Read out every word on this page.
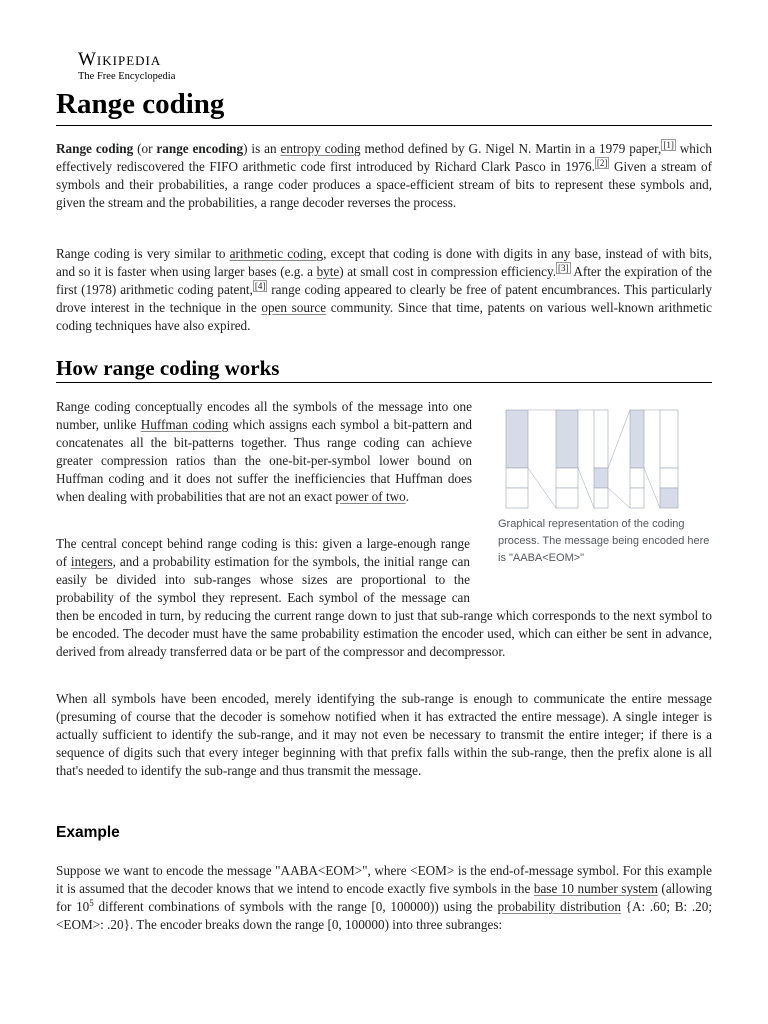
Wikipedia
The Free Encyclopedia
Range coding

Range coding (or range encoding) is an entropy coding method defined by G. Nigel N. Martin in a 1979 paper, [1] which effectively rediscovered the FIFO arithmetic code first introduced by Richard Clark Pasco in 1976. [2] Given a stream of symbols and their probabilities, a range coder produces a space-efficient stream of bits to represent these symbols and, given the stream and the probabilities, a range decoder reverses the process.

Range coding is very similar to arithmetic coding, except that coding is done with digits in any base, instead of with bits, and so it is faster when using larger bases (e.g. a byte) at small cost in compression efficiency. [3] After the expiration of the first (1978) arithmetic coding patent, [4] range coding appeared to clearly be free of patent encumbrances. This particularly drove interest in the technique in the open source community. Since that time, patents on various well-known arithmetic coding techniques have also expired.

How range coding works

Range coding conceptually encodes all the symbols of the message into one number, unlike Huffman coding which assigns each symbol a bit-pattern and concatenates all the bit-patterns together. Thus range coding can achieve greater compression ratios than the one-bit-per-symbol lower bound on Huffman coding and it does not suffer the inefficiencies that Huffman does when dealing with probabilities that are not an exact power of two.

Graphical representation of the coding process. The message being encoded here is "AABA<EOM>"

The central concept behind range coding is this: given a large-enough range of integers, and a probability estimation for the symbols, the initial range can easily be divided into sub-ranges whose sizes are proportional to the probability of the symbol they represent. Each symbol of the message can then be encoded in turn, by reducing the current range down to just that sub-range which corresponds to the next symbol to be encoded. The decoder must have the same probability estimation the encoder used, which can either be sent in advance, derived from already transferred data or be part of the compressor and decompressor.

When all symbols have been encoded, merely identifying the sub-range is enough to communicate the entire message (presuming of course that the decoder is somehow notified when it has extracted the entire message). A single integer is actually sufficient to identify the sub-range, and it may not even be necessary to transmit the entire integer; if there is a sequence of digits such that every integer beginning with that prefix falls within the sub-range, then the prefix alone is all that's needed to identify the sub-range and thus transmit the message.

Example

Suppose we want to encode the message "AABA<EOM>", where <EOM> is the end-of-message symbol. For this example it is assumed that the decoder knows that we intend to encode exactly five symbols in the base 10 number system (allowing for $10^5$ different combinations of symbols with the range [0, 100000)) using the probability distribution {A: .60; B: .20; <EOM>: .20}. The encoder breaks down the range [0, 100000) into three subranges:
